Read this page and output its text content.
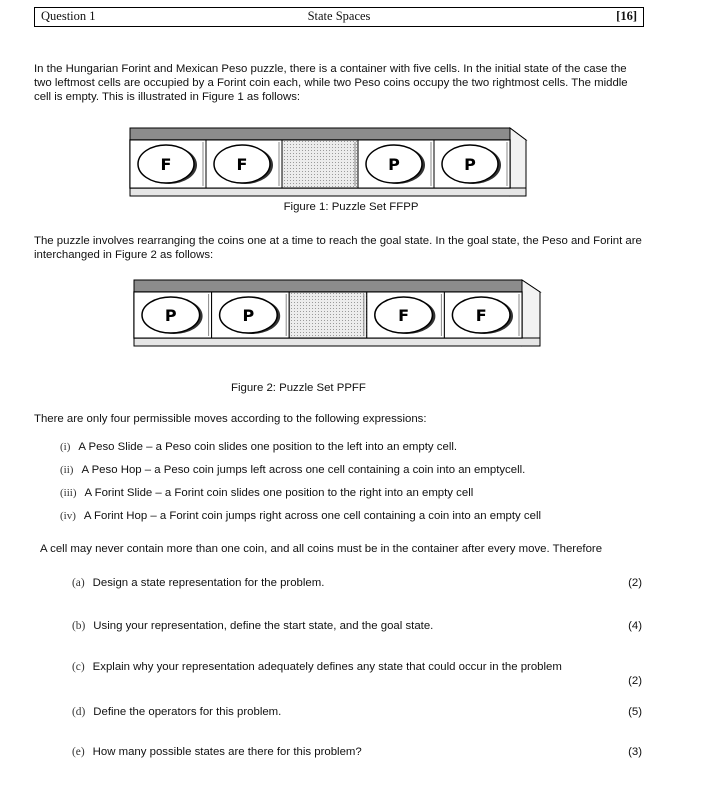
Question 1	State Spaces	[16]
In the Hungarian Forint and Mexican Peso puzzle, there is a container with five cells. In the initial state of the case the two leftmost cells are occupied by a Forint coin each, while two Peso coins occupy the two rightmost cells. The middle cell is empty. This is illustrated in Figure 1 as follows:
F	F	P	P
Figure 1: Puzzle Set FFPP
The puzzle involves rearranging the coins one at a time to reach the goal state. In the goal state, the Peso and Forint are interchanged in Figure 2 as follows:
P	P	F	F
Figure 2: Puzzle Set PPFF
There are only four permissible moves according to the following expressions:
(i) A Peso Slide – a Peso coin slides one position to the left into an empty cell.
(ii) A Peso Hop – a Peso coin jumps left across one cell containing a coin into an emptycell.
(iii) A Forint Slide – a Forint coin slides one position to the right into an empty cell
(iv) A Forint Hop – a Forint coin jumps right across one cell containing a coin into an empty cell
A cell may never contain more than one coin, and all coins must be in the container after every move. Therefore
(a) Design a state representation for the problem.	(2)
(b) Using your representation, define the start state, and the goal state.	(4)
(c) Explain why your representation adequately defines any state that could occur in the problem
(2)
(d) Define the operators for this problem.	(5)
(e) How many possible states are there for this problem?	(3)
